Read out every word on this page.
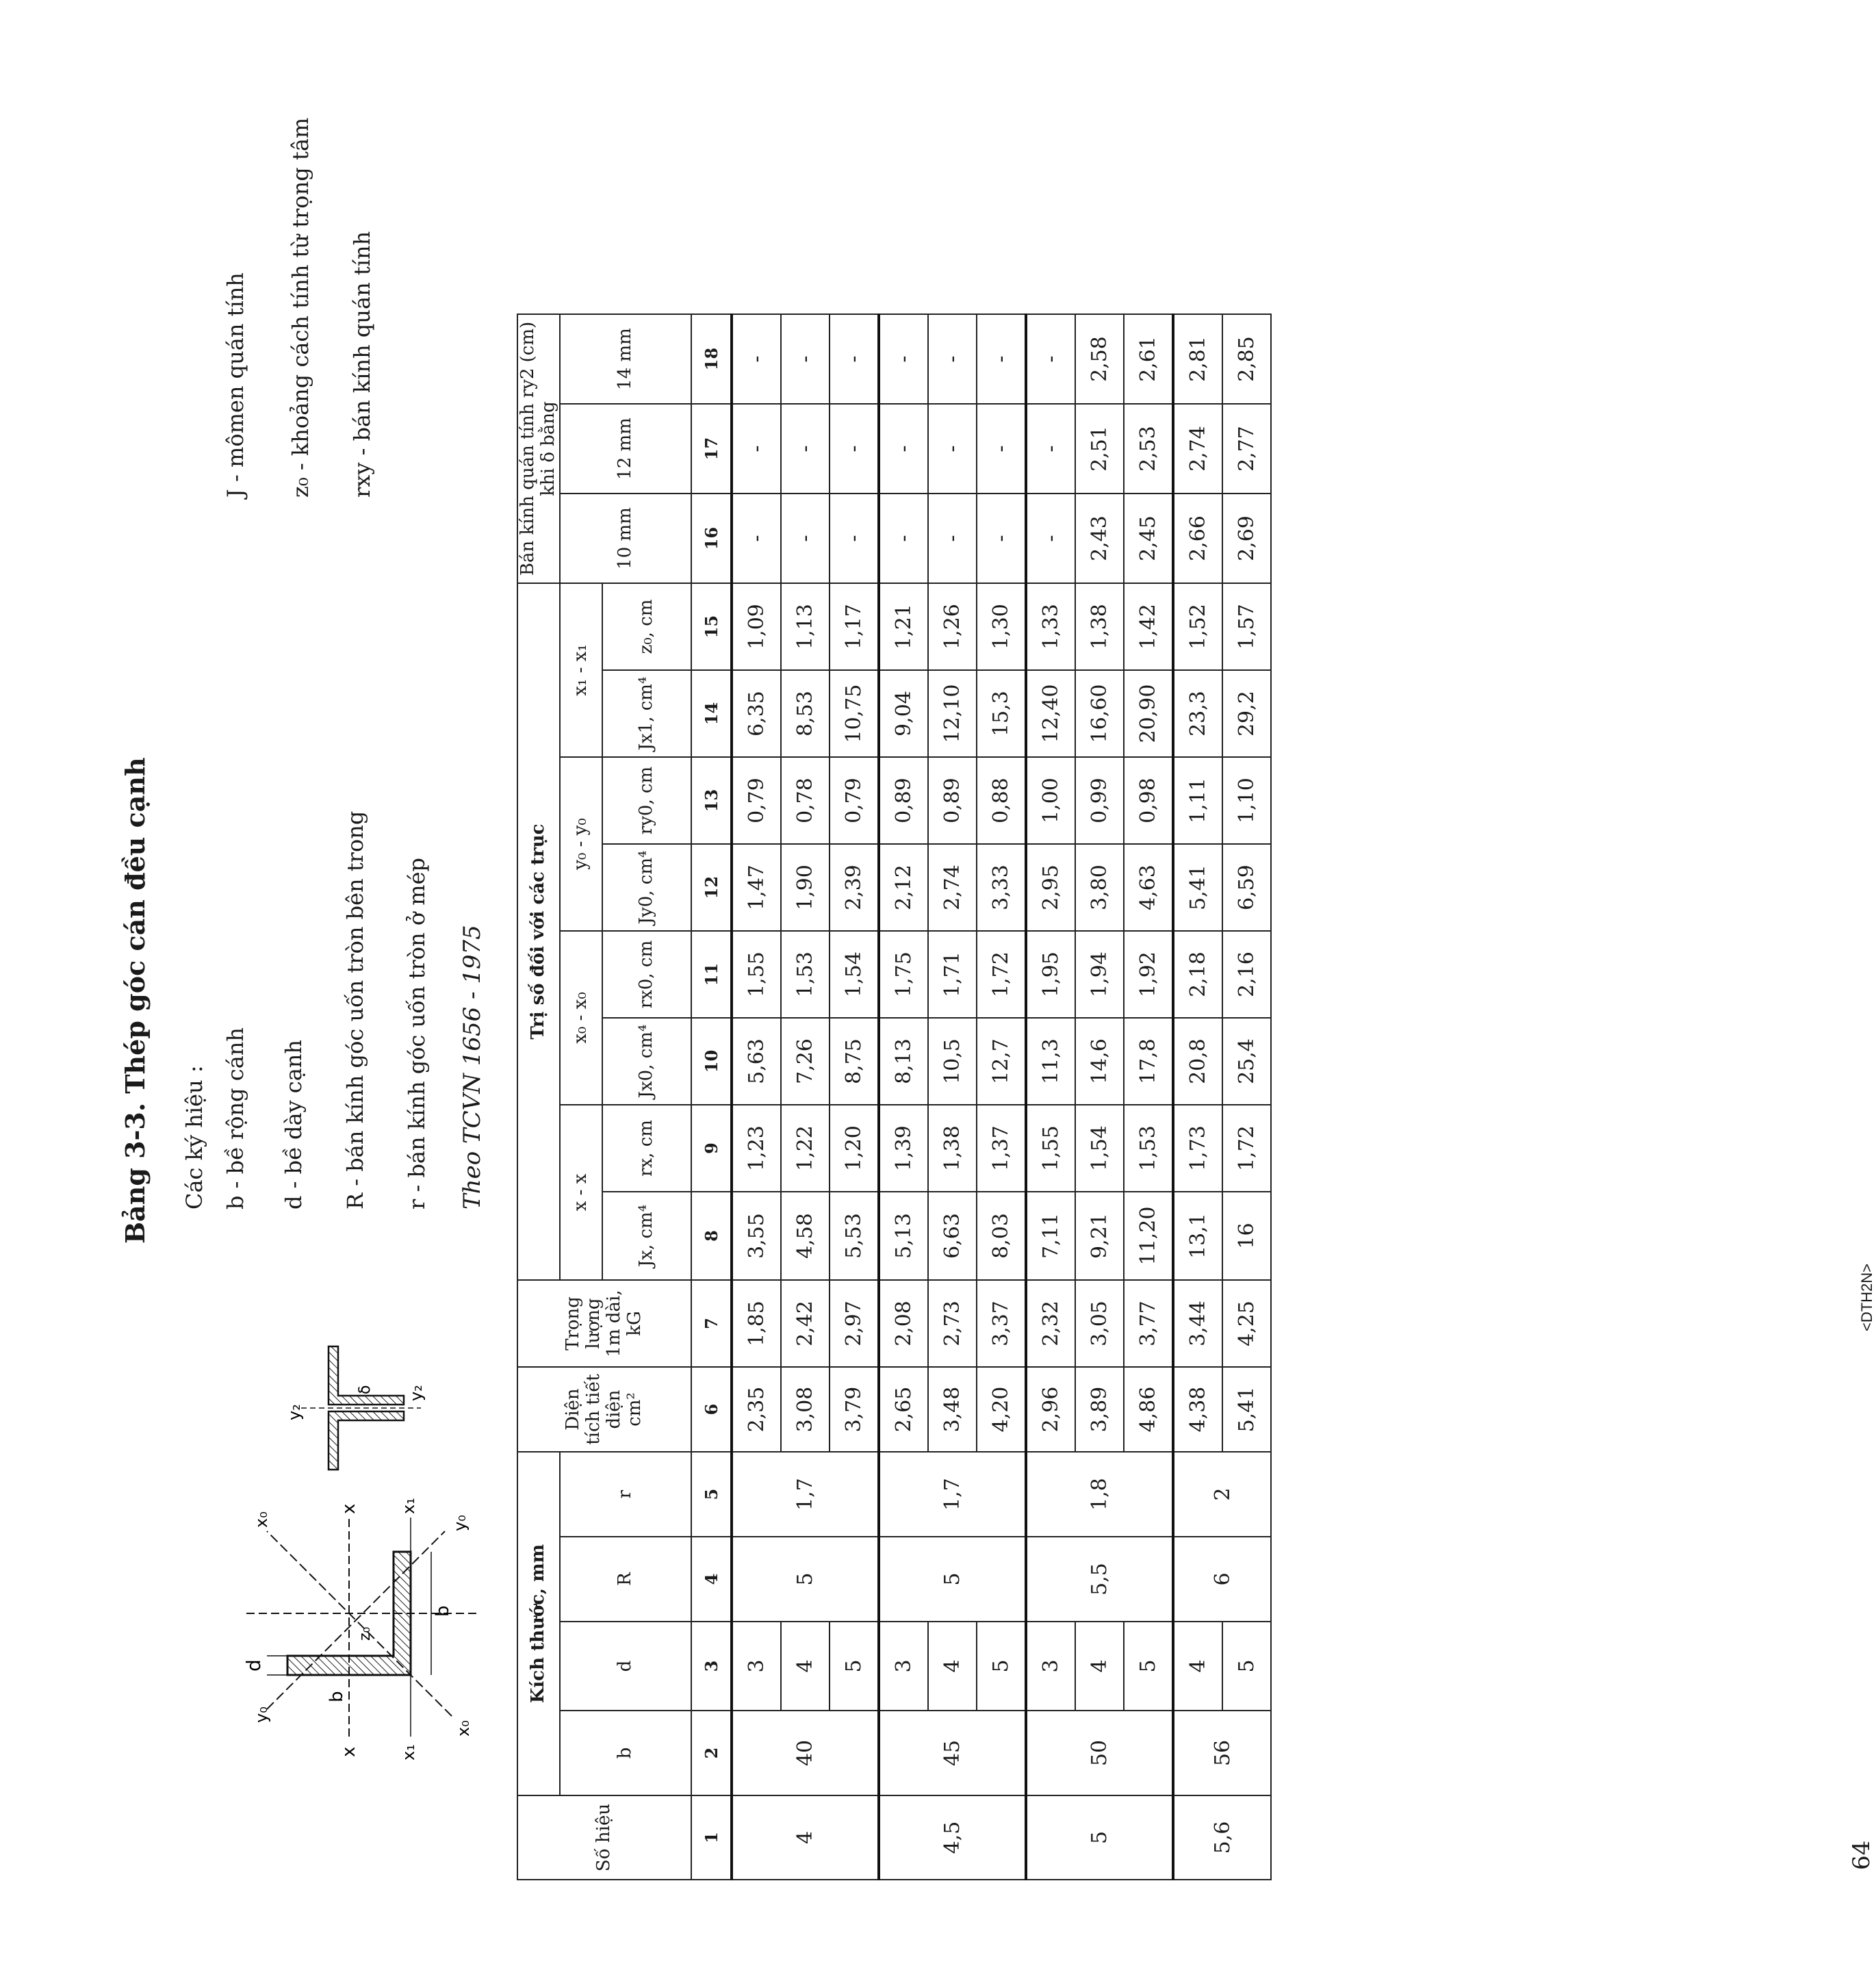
Bảng 3-3. Thép góc cán đều cạnh Các ký hiệu : b - bề rộng cánh d - bề dày cạnh R - bán kính góc uốn tròn bên trong r - bán kính góc uốn tròn ở mép
J - mômen quán tính z₀ - khoảng cách tính từ trọng tâm rxy - bán kính quán tính
Theo TCVN 1656 - 1975
d
x
x
x₁
x₁
x₀
x₀
y₀
y₀
z₀
b
b
y₂
y₂
δ
Số hiệu	Kích thước, mm				Diện tích tiết diện cm²	Trọng lượng 1m dài, kG	Trị số đối với các trục								Bán kính quán tính ry2 (cm) khi δ bằng		
	b	d	R	r			x - x		x₀ - x₀		y₀ - y₀		x₁ - x₁		10 mm	12 mm	14 mm
							Jx, cm⁴	rx, cm	Jx0, cm⁴	rx0, cm	Jy0, cm⁴	ry0, cm	Jx1, cm⁴	z₀, cm			
1	2	3	4	5	6	7	8	9	10	11	12	13	14	15	16	17	18
4	40	3	5	1,7	2,35	1,85	3,55	1,23	5,63	1,55	1,47	0,79	6,35	1,09	-	-	-
		4			3,08	2,42	4,58	1,22	7,26	1,53	1,90	0,78	8,53	1,13	-	-	-
		5			3,79	2,97	5,53	1,20	8,75	1,54	2,39	0,79	10,75	1,17	-	-	-
4,5	45	3	5	1,7	2,65	2,08	5,13	1,39	8,13	1,75	2,12	0,89	9,04	1,21	-	-	-
		4			3,48	2,73	6,63	1,38	10,5	1,71	2,74	0,89	12,10	1,26	-	-	-
		5			4,20	3,37	8,03	1,37	12,7	1,72	3,33	0,88	15,3	1,30	-	-	-
5	50	3	5,5	1,8	2,96	2,32	7,11	1,55	11,3	1,95	2,95	1,00	12,40	1,33	-	-	-
		4			3,89	3,05	9,21	1,54	14,6	1,94	3,80	0,99	16,60	1,38	2,43	2,51	2,58
		5			4,86	3,77	11,20	1,53	17,8	1,92	4,63	0,98	20,90	1,42	2,45	2,53	2,61
5,6	56	4	6	2	4,38	3,44	13,1	1,73	20,8	2,18	5,41	1,11	23,3	1,52	2,66	2,74	2,81
		5			5,41	4,25	16	1,72	25,4	2,16	6,59	1,10	29,2	1,57	2,69	2,77	2,85
64
<DTH2N>
